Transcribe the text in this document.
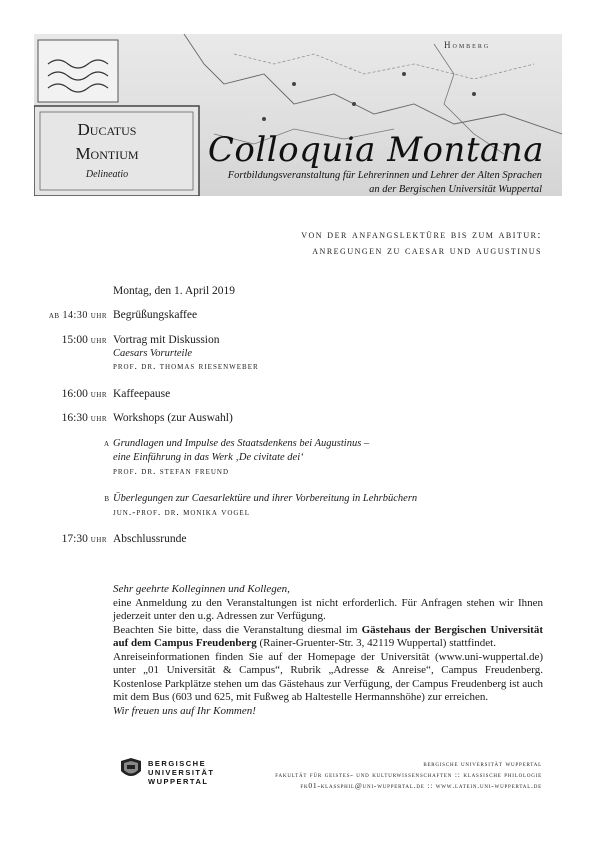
Homberg
Ducatus
Montium
Delineatio
Colloquia Montana
Fortbildungsveranstaltung für Lehrerinnen und Lehrer der Alten Sprachen
an der Bergischen Universität Wuppertal
von der anfangslektüre bis zum abitur:
anregungen zu caesar und augustinus
Montag, den 1. April 2019
ab 14:30 uhr Begrüßungskaffee
15:00 uhr Vortrag mit Diskussion
Caesars Vorurteile
prof. dr. thomas riesenweber
16:00 uhr Kaffeepause
16:30 uhr Workshops (zur Auswahl)
a Grundlagen und Impulse des Staatsdenkens bei Augustinus –
eine Einführung in das Werk ‚De civitate dei‘
prof. dr. stefan freund
b Überlegungen zur Caesarlektüre und ihrer Vorbereitung in Lehrbüchern
jun.-prof. dr. monika vogel
17:30 uhr Abschlussrunde

Sehr geehrte Kolleginnen und Kollegen,

eine Anmeldung zu den Veranstaltungen ist nicht erforderlich. Für Anfragen stehen wir Ihnen jederzeit unter den u.g. Adressen zur Verfügung.

Beachten Sie bitte, dass die Veranstaltung diesmal im Gästehaus der Bergischen Universität auf dem Campus Freudenberg (Rainer-Gruenter-Str. 3, 42119 Wuppertal) stattfindet.

Anreiseinformationen finden Sie auf der Homepage der Universität (www.uni-wuppertal.de) unter „01 Universität & Campus“, Rubrik „Adresse & Anreise“, Campus Freudenberg. Kostenlose Parkplätze stehen um das Gästehaus zur Verfügung, der Campus Freudenberg ist auch mit dem Bus (603 und 625, mit Fußweg ab Haltestelle Hermannshöhe) zur erreichen.

Wir freuen uns auf Ihr Kommen!

BERGISCHE
UNIVERSITÄT
WUPPERTAL
bergische universität wuppertal
fakultät für geistes- und kulturwissenschaften :: klassische philologie
fk01-klassphil@uni-wuppertal.de :: www.latein.uni-wuppertal.de
